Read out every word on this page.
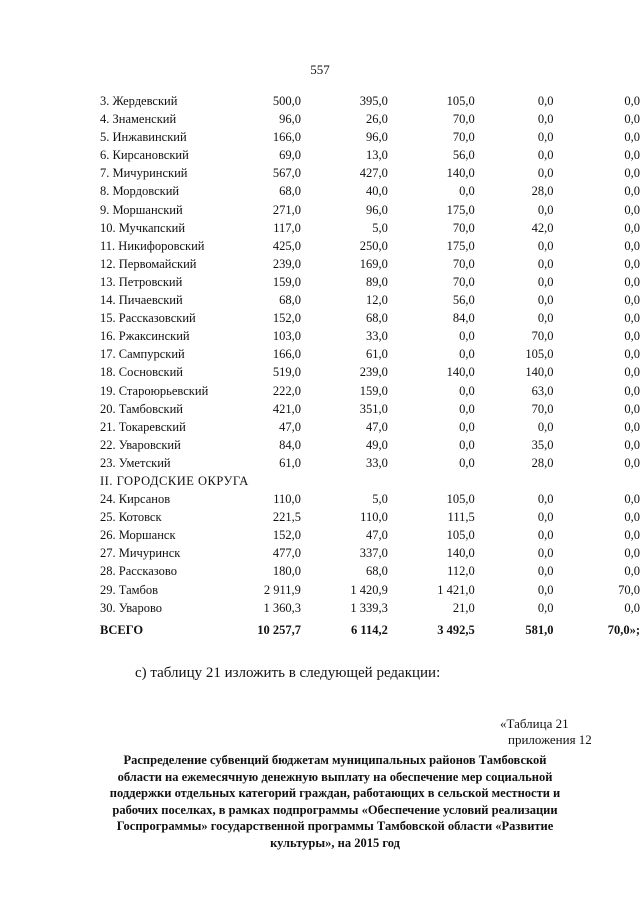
557
3. Жердевский	500,0	395,0	105,0	0,0	0,0
4. Знаменский	96,0	26,0	70,0	0,0	0,0
5. Инжавинский	166,0	96,0	70,0	0,0	0,0
6. Кирсановский	69,0	13,0	56,0	0,0	0,0
7. Мичуринский	567,0	427,0	140,0	0,0	0,0
8. Мордовский	68,0	40,0	0,0	28,0	0,0
9. Моршанский	271,0	96,0	175,0	0,0	0,0
10. Мучкапский	117,0	5,0	70,0	42,0	0,0
11. Никифоровский	425,0	250,0	175,0	0,0	0,0
12. Первомайский	239,0	169,0	70,0	0,0	0,0
13. Петровский	159,0	89,0	70,0	0,0	0,0
14. Пичаевский	68,0	12,0	56,0	0,0	0,0
15. Рассказовский	152,0	68,0	84,0	0,0	0,0
16. Ржаксинский	103,0	33,0	0,0	70,0	0,0
17. Сампурский	166,0	61,0	0,0	105,0	0,0
18. Сосновский	519,0	239,0	140,0	140,0	0,0
19. Староюрьевский	222,0	159,0	0,0	63,0	0,0
20. Тамбовский	421,0	351,0	0,0	70,0	0,0
21. Токаревский	47,0	47,0	0,0	0,0	0,0
22. Уваровский	84,0	49,0	0,0	35,0	0,0
23. Уметский	61,0	33,0	0,0	28,0	0,0
II. ГОРОДСКИЕ ОКРУГА					
24. Кирсанов	110,0	5,0	105,0	0,0	0,0
25. Котовск	221,5	110,0	111,5	0,0	0,0
26. Моршанск	152,0	47,0	105,0	0,0	0,0
27. Мичуринск	477,0	337,0	140,0	0,0	0,0
28. Рассказово	180,0	68,0	112,0	0,0	0,0
29. Тамбов	2 911,9	1 420,9	1 421,0	0,0	70,0
30. Уварово	1 360,3	1 339,3	21,0	0,0	0,0
ВСЕГО	10 257,7	6 114,2	3 492,5	581,0	70,0»;
с) таблицу 21 изложить в следующей редакции:
«Таблица 21
приложения 12
Распределение субвенций бюджетам муниципальных районов Тамбовской области на ежемесячную денежную выплату на обеспечение мер социальной поддержки отдельных категорий граждан, работающих в сельской местности и рабочих поселках, в рамках подпрограммы «Обеспечение условий реализации Госпрограммы» государственной программы Тамбовской области «Развитие культуры», на 2015 год
